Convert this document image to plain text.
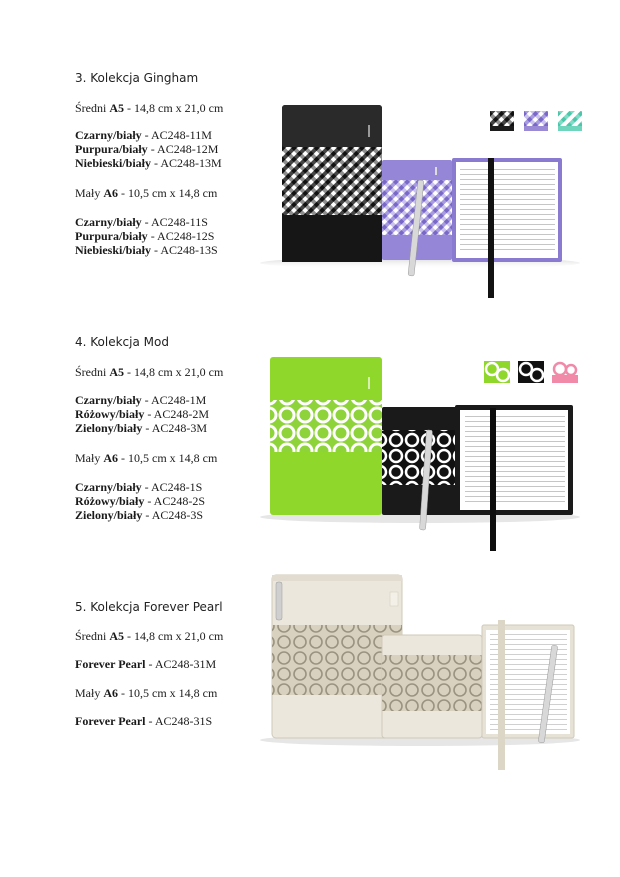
3. Kolekcja Gingham
Średni A5 - 14,8 cm x 21,0 cm
Czarny/biały - AC248-11M
Purpura/biały - AC248-12M
Niebieski/biały - AC248-13M
Mały A6 - 10,5 cm x 14,8 cm
Czarny/biały - AC248-11S
Purpura/biały - AC248-12S
Niebieski/biały - AC248-13S
4. Kolekcja Mod
Średni A5 - 14,8 cm x 21,0 cm
Czarny/biały - AC248-1M
Różowy/biały - AC248-2M
Zielony/biały - AC248-3M
Mały A6 - 10,5 cm x 14,8 cm
Czarny/biały - AC248-1S
Różowy/biały - AC248-2S
Zielony/biały - AC248-3S
5. Kolekcja Forever Pearl
Średni A5 - 14,8 cm x 21,0 cm
Forever Pearl - AC248-31M
Mały A6 - 10,5 cm x 14,8 cm
Forever Pearl - AC248-31S
